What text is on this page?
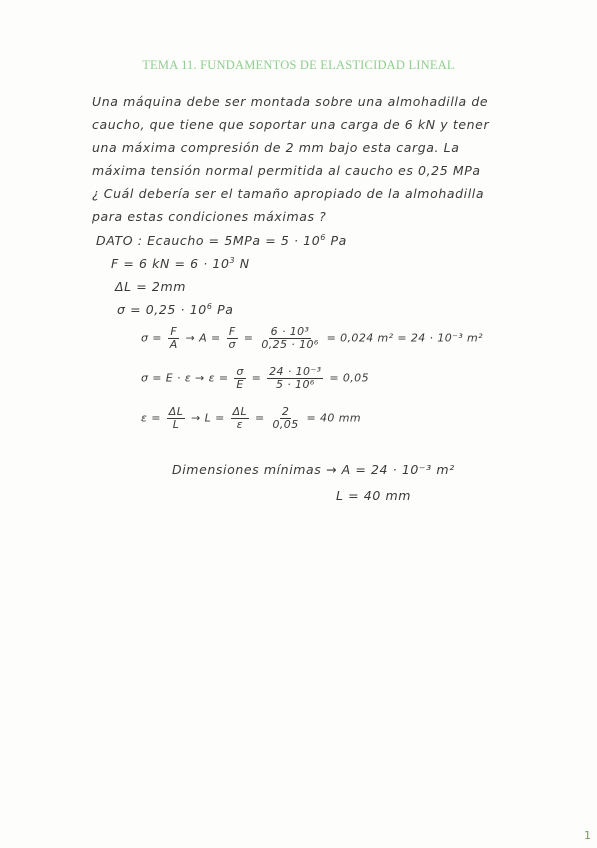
TEMA 11. FUNDAMENTOS DE ELASTICIDAD LINEAL
Una máquina debe ser montada sobre una almohadilla de
caucho, que tiene que soportar una carga de 6 kN y tener
una máxima compresión de 2 mm bajo esta carga. La
máxima tensión normal permitida al caucho es 0,25 MPa
¿ Cuál debería ser el tamaño apropiado de la almohadilla
para estas condiciones máximas ?
DATO : Ecaucho = $5MPa = 5 \cdot 10^6$ Pa
F = 6 kN = $6 \cdot 10^3$ N
ΔL = 2mm
$\sigma = 0,25 \cdot 10^6$ Pa
$\sigma = \frac{F}{A} \to A = \frac{F}{\sigma} = \frac{\text{6 · 10³}}{\text{0,25 · 10⁶}} = 0,024$ m² = 24 · 10⁻³ m²
$\sigma = E \cdot \varepsilon \to \varepsilon = \frac{\sigma}{E} = \frac{\text{24 · 10⁻³}}{\text{5 · 10⁶}} = 0,05$
$\varepsilon = \frac{\Delta L}{L} \to L = \frac{\Delta L}{\varepsilon} = \frac{2}{0,05} = 40$ mm
Dimensiones mínimas → A = 24 · 10⁻³ m²
L = 40 mm
1
